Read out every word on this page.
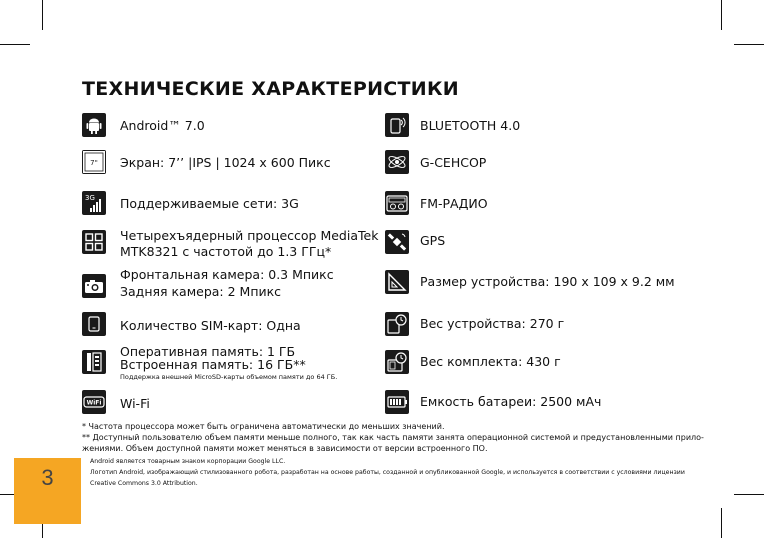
ТЕХНИЧЕСКИЕ ХАРАКТЕРИСТИКИ
Android™ 7.0
7" Экран: 7’’ |IPS | 1024 х 600 Пикс
3G Поддерживаемые сети: 3G
Четырехъядерный процессор MediaTek
MTK8321 с частотой до 1.3 ГГц*
Фронтальная камера: 0.3 Мпикс
Задняя камера: 2 Мпикс
Количество SIM-карт: Одна
Оперативная память: 1 ГБ
Встроенная память: 16 ГБ**
Поддержка внешней MicroSD-карты объемом памяти до 64 ГБ.
WiFi Wi-Fi
BLUETOOTH 4.0
G-СЕНСОР
FM-РАДИО
GPS
Размер устройства: 190 х 109 х 9.2 мм
Вес устройства: 270 г
Вес комплекта: 430 г
Емкость батареи: 2500 мАч
* Частота процессора может быть ограничена автоматически до меньших значений.
** Доступный пользователю объем памяти меньше полного, так как часть памяти занята операционной системой и предустановленными прило-
жениями. Объем доступной памяти может меняться в зависимости от версии встроенного ПО.
Android является товарным знаком корпорации Google LLC.
Логотип Android, изображающий стилизованного робота, разработан на основе работы, созданной и опубликованной Google, и используется в соответствии с условиями лицензии
Creative Commons 3.0 Attribution.
3
